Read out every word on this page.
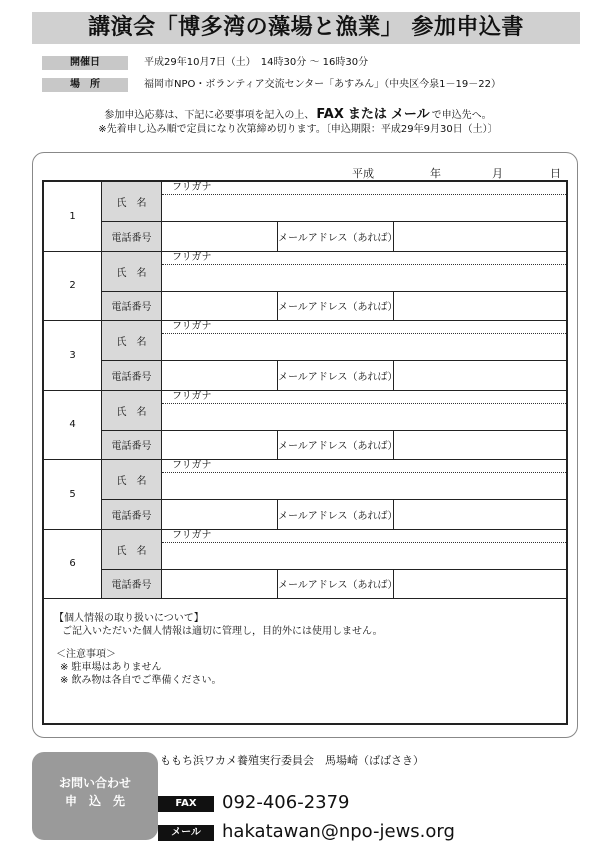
講演会「博多湾の藻場と漁業」 参加申込書
開催日	平成29年10月7日（土）　14時30分 ～ 16時30分
場　所	福岡市NPO・ボランティア交流センター「あすみん」（中央区今泉1－19－22）
参加申込応募は、下記に必要事項を記入の上、 FAX または メール で申込先へ。
※先着申し込み順で定員になり次第締め切ります。〔申込期限：平成29年9月30日（土）〕
平成	年	月	日
1
氏　名
フリガナ
電話番号	メールアドレス（あれば）
2
氏　名
フリガナ
電話番号	メールアドレス（あれば）
3
氏　名
フリガナ
電話番号	メールアドレス（あれば）
4
氏　名
フリガナ
電話番号	メールアドレス（あれば）
5
氏　名
フリガナ
電話番号	メールアドレス（あれば）
6
氏　名
フリガナ
電話番号	メールアドレス（あれば）
【個人情報の取り扱いについて】
ご記入いただいた個人情報は適切に管理し，目的外には使用しません。
＜注意事項＞
※ 駐車場はありません
※ 飲み物は各自でご準備ください。
お問い合わせ
申　込　先
ももち浜ワカメ養殖実行委員会　馬場崎（ばばさき）
FAX	092-406-2379
メール	hakatawan@npo-jews.org
